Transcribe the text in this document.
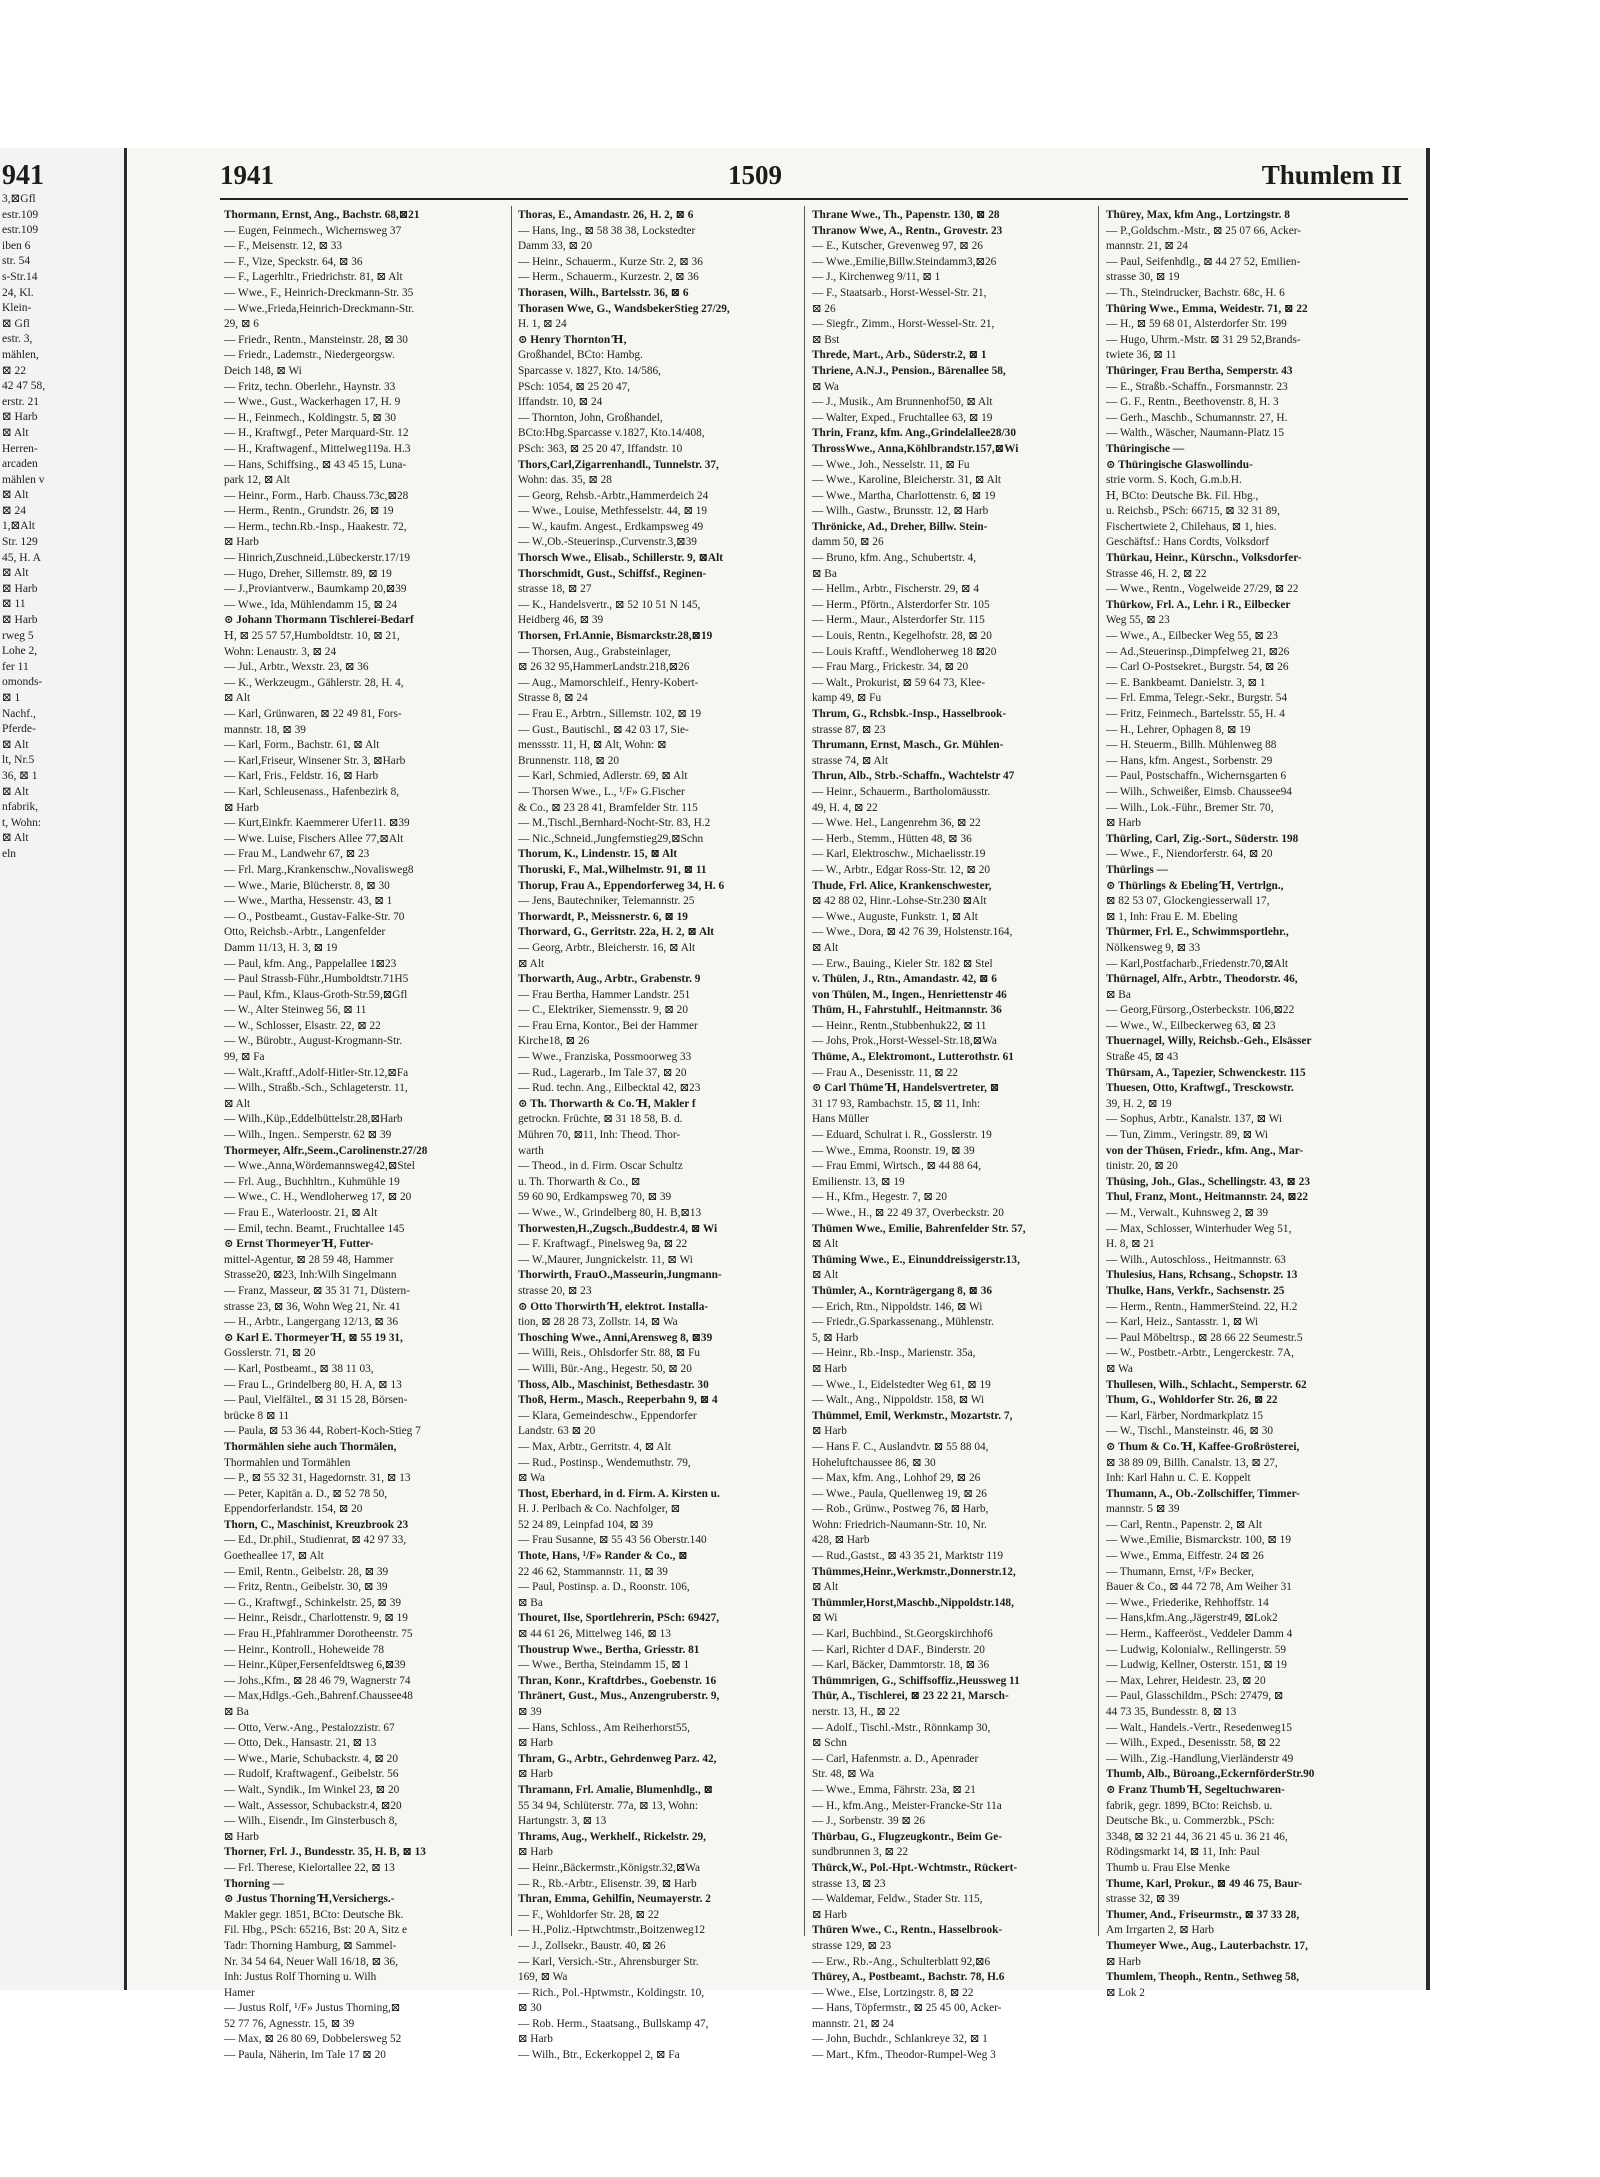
941
3,⊠Gfl
estr.109
estr.109
iben 6
str. 54
s-Str.14
24, Kl.
Klein-
⊠ Gfl
estr. 3,
mählen,
⊠ 22
42 47 58,
erstr. 21
⊠ Harb
⊠ Alt
Herren-
arcaden
mählen v
⊠ Alt
⊠ 24
1,⊠Alt
Str. 129
45, H. A
⊠ Alt
⊠ Harb
⊠ 11
⊠ Harb
rweg 5
Lohe 2,
fer 11
omonds-
⊠ 1
Nachf.,
Pferde-
⊠ Alt
lt, Nr.5
36, ⊠ 1
⊠ Alt
nfabrik,
t, Wohn:
⊠ Alt
eln
1941	1509	Thumlem II
Thormann, Ernst, Ang., Bachstr. 68,⊠21
— Eugen, Feinmech., Wichernsweg 37
— F., Meisenstr. 12, ⊠ 33
— F., Vize, Speckstr. 64, ⊠ 36
— F., Lagerhltr., Friedrichstr. 81, ⊠ Alt
— Wwe., F., Heinrich-Dreckmann-Str. 35
— Wwe.,Frieda,Heinrich-Dreckmann-Str.
29, ⊠ 6
— Friedr., Rentn., Mansteinstr. 28, ⊠ 30
— Friedr., Lademstr., Niedergeorgsw.
Deich 148, ⊠ Wi
— Fritz, techn. Oberlehr., Haynstr. 33
— Wwe., Gust., Wackerhagen 17, H. 9
— H., Feinmech., Koldingstr. 5, ⊠ 30
— H., Kraftwgf., Peter Marquard-Str. 12
— H., Kraftwagenf., Mittelweg119a. H.3
— Hans, Schiffsing., ⊠ 43 45 15, Luna-
park 12, ⊠ Alt
— Heinr., Form., Harb. Chauss.73c,⊠28
— Herm., Rentn., Grundstr. 26, ⊠ 19
— Herm., techn.Rb.-Insp., Haakestr. 72,
⊠ Harb
— Hinrich,Zuschneid.,Lübeckerstr.17/19
— Hugo, Dreher, Sillemstr. 89, ⊠ 19
— J.,Proviantverw., Baumkamp 20,⊠39
— Wwe., Ida, Mühlendamm 15, ⊠ 24
⊙ Johann Thormann Tischlerei-Bedarf
Ɦ, ⊠ 25 57 57,Humboldtstr. 10, ⊠ 21,
Wohn: Lenaustr. 3, ⊠ 24
— Jul., Arbtr., Wexstr. 23, ⊠ 36
— K., Werkzeugm., Gählerstr. 28, H. 4,
⊠ Alt
— Karl, Grünwaren, ⊠ 22 49 81, Fors-
mannstr. 18, ⊠ 39
— Karl, Form., Bachstr. 61, ⊠ Alt
— Karl,Friseur, Winsener Str. 3, ⊠Harb
— Karl, Fris., Feldstr. 16, ⊠ Harb
— Karl, Schleusenass., Hafenbezirk 8,
⊠ Harb
— Kurt,Einkfr. Kaemmerer Ufer11. ⊠39
— Wwe. Luise, Fischers Allee 77,⊠Alt
— Frau M., Landwehr 67, ⊠ 23
— Frl. Marg.,Krankenschw.,Novalisweg8
— Wwe., Marie, Blücherstr. 8, ⊠ 30
— Wwe., Martha, Hessenstr. 43, ⊠ 1
— O., Postbeamt., Gustav-Falke-Str. 70
Otto, Reichsb.-Arbtr., Langenfelder
Damm 11/13, H. 3, ⊠ 19
— Paul, kfm. Ang., Pappelallee 1⊠23
— Paul Strassb-Führ.,Humboldtstr.71H5
— Paul, Kfm., Klaus-Groth-Str.59,⊠Gfl
— W., Alter Steinweg 56, ⊠ 11
— W., Schlosser, Elsastr. 22, ⊠ 22
— W., Bürobtr., August-Krogmann-Str.
99, ⊠ Fa
— Walt.,Kraftf.,Adolf-Hitler-Str.12,⊠Fa
— Wilh., Straßb.-Sch., Schlageterstr. 11,
⊠ Alt
— Wilh.,Küp.,Eddelbüttelstr.28,⊠Harb
— Wilh., Ingen.. Semperstr. 62 ⊠ 39
Thormeyer, Alfr.,Seem.,Carolinenstr.27/28
— Wwe.,Anna,Wördemannsweg42,⊠Stel
— Frl. Aug., Buchhltrn., Kuhmühle 19
— Wwe., C. H., Wendloherweg 17, ⊠ 20
— Frau E., Waterloostr. 21, ⊠ Alt
— Emil, techn. Beamt., Fruchtallee 145
⊙ Ernst Thormeyer Ɦ, Futter-
mittel-Agentur, ⊠ 28 59 48, Hammer
Strasse20, ⊠23, Inh:Wilh Singelmann
— Franz, Masseur, ⊠ 35 31 71, Düstern-
strasse 23, ⊠ 36, Wohn Weg 21, Nr. 41
— H., Arbtr., Langergang 12/13, ⊠ 36
⊙ Karl E. Thormeyer Ɦ, ⊠ 55 19 31,
Gosslerstr. 71, ⊠ 20
— Karl, Postbeamt., ⊠ 38 11 03,
— Frau L., Grindelberg 80, H. A, ⊠ 13
— Paul, Vielfältel., ⊠ 31 15 28, Börsen-
brücke 8 ⊠ 11
— Paula, ⊠ 53 36 44, Robert-Koch-Stieg 7
Thormählen siehe auch Thormälen,
Thormahlen und Tormählen
— P., ⊠ 55 32 31, Hagedornstr. 31, ⊠ 13
— Peter, Kapitän a. D., ⊠ 52 78 50,
Eppendorferlandstr. 154, ⊠ 20
Thorn, C., Maschinist, Kreuzbrook 23
— Ed., Dr.phil., Studienrat, ⊠ 42 97 33,
Goetheallee 17, ⊠ Alt
— Emil, Rentn., Geibelstr. 28, ⊠ 39
— Fritz, Rentn., Geibelstr. 30, ⊠ 39
— G., Kraftwgf., Schinkelstr. 25, ⊠ 39
— Heinr., Reisdr., Charlottenstr. 9, ⊠ 19
— Frau H.,Pfahlrammer Dorotheenstr. 75
— Heinr., Kontroll., Hoheweide 78
— Heinr.,Küper,Fersenfeldtsweg 6,⊠39
— Johs.,Kfm., ⊠ 28 46 79, Wagnerstr 74
— Max,Hdlgs.-Geh.,Bahrenf.Chaussee48
⊠ Ba
— Otto, Verw.-Ang., Pestalozzistr. 67
— Otto, Dek., Hansastr. 21, ⊠ 13
— Wwe., Marie, Schubackstr. 4, ⊠ 20
— Rudolf, Kraftwagenf., Geibelstr. 56
— Walt., Syndik., Im Winkel 23, ⊠ 20
— Walt., Assessor, Schubackstr.4, ⊠20
— Wilh., Eisendr., Im Ginsterbusch 8,
⊠ Harb
Thorner, Frl. J., Bundesstr. 35, H. B, ⊠ 13
— Frl. Therese, Kielortallee 22, ⊠ 13
Thorning —
⊙ Justus Thorning Ɦ,Versichergs.-
Makler gegr. 1851, BCto: Deutsche Bk.
Fil. Hbg., PSch: 65216, Bst: 20 A, Sitz e
Tadr: Thorning Hamburg, ⊠ Sammel-
Nr. 34 54 64, Neuer Wall 16/18, ⊠ 36,
Inh: Justus Rolf Thorning u. Wilh
Hamer
— Justus Rolf, ¹/F» Justus Thorning,⊠
52 77 76, Agnesstr. 15, ⊠ 39
— Max, ⊠ 26 80 69, Dobbelersweg 52
— Paula, Näherin, Im Tale 17 ⊠ 20
Thoras, E., Amandastr. 26, H. 2, ⊠ 6
— Hans, Ing., ⊠ 58 38 38, Lockstedter
Damm 33, ⊠ 20
— Heinr., Schauerm., Kurze Str. 2, ⊠ 36
— Herm., Schauerm., Kurzestr. 2, ⊠ 36
Thorasen, Wilh., Bartelsstr. 36, ⊠ 6
Thorasen Wwe, G., WandsbekerStieg 27/29,
H. 1, ⊠ 24
⊙ Henry Thornton Ɦ,
Großhandel, BCto: Hambg.
Sparcasse v. 1827, Kto. 14/586,
PSch: 1054, ⊠ 25 20 47,
Iffandstr. 10, ⊠ 24
— Thornton, John, Großhandel,
BCto:Hbg.Sparcasse v.1827, Kto.14/408,
PSch: 363, ⊠ 25 20 47, Iffandstr. 10
Thors,Carl,Zigarrenhandl., Tunnelstr. 37,
Wohn: das. 35, ⊠ 28
— Georg, Rehsb.-Arbtr.,Hammerdeich 24
— Wwe., Louise, Methfesselstr. 44, ⊠ 19
— W., kaufm. Angest., Erdkampsweg 49
— W.,Ob.-Steuerinsp.,Curvenstr.3,⊠39
Thorsch Wwe., Elisab., Schillerstr. 9, ⊠Alt
Thorschmidt, Gust., Schiffsf., Reginen-
strasse 18, ⊠ 27
— K., Handelsvertr., ⊠ 52 10 51 N 145,
Heidberg 46, ⊠ 39
Thorsen, Frl.Annie, Bismarckstr.28,⊠19
— Thorsen, Aug., Grabsteinlager,
⊠ 26 32 95,HammerLandstr.218,⊠26
— Aug., Mamorschleif., Henry-Kobert-
Strasse 8, ⊠ 24
— Frau E., Arbtrn., Sillemstr. 102, ⊠ 19
— Gust., Bautischl., ⊠ 42 03 17, Sie-
menssstr. 11, H, ⊠ Alt, Wohn: ⊠
Brunnenstr. 118, ⊠ 20
— Karl, Schmied, Adlerstr. 69, ⊠ Alt
— Thorsen Wwe., L., ¹/F» G.Fischer
& Co., ⊠ 23 28 41, Bramfelder Str. 115
— M.,Tischl.,Bernhard-Nocht-Str. 83, H.2
— Nic.,Schneid.,Jungfernstieg29,⊠Schn
Thorum, K., Lindenstr. 15, ⊠ Alt
Thoruski, F., Mal.,Wilhelmstr. 91, ⊠ 11
Thorup, Frau A., Eppendorferweg 34, H. 6
— Jens, Bautechniker, Telemannstr. 25
Thorwardt, P., Meissnerstr. 6, ⊠ 19
Thorward, G., Gerritstr. 22a, H. 2, ⊠ Alt
— Georg, Arbtr., Bleicherstr. 16, ⊠ Alt
⊠ Alt
Thorwarth, Aug., Arbtr., Grabenstr. 9
— Frau Bertha, Hammer Landstr. 251
— C., Elektriker, Siemensstr. 9, ⊠ 20
— Frau Erna, Kontor., Bei der Hammer
Kirche18, ⊠ 26
— Wwe., Franziska, Possmoorweg 33
— Rud., Lagerarb., Im Tale 37, ⊠ 20
— Rud. techn. Ang., Eilbecktal 42, ⊠23
⊙ Th. Thorwarth & Co. Ɦ, Makler f
getrockn. Früchte, ⊠ 31 18 58, B. d.
Mühren 70, ⊠11, Inh: Theod. Thor-
warth
— Theod., in d. Firm. Oscar Schultz
u. Th. Thorwarth & Co., ⊠
59 60 90, Erdkampsweg 70, ⊠ 39
— Wwe., W., Grindelberg 80, H. B,⊠13
Thorwesten,H.,Zugsch.,Buddestr.4, ⊠ Wi
— F. Kraftwagf., Pinelsweg 9a, ⊠ 22
— W.,Maurer, Jungnickelstr. 11, ⊠ Wi
Thorwirth, FrauO.,Masseurin,Jungmann-
strasse 20, ⊠ 23
⊙ Otto Thorwirth Ɦ, elektrot. Installa-
tion, ⊠ 28 28 73, Zollstr. 14, ⊠ Wa
Thosching Wwe., Anni,Arensweg 8, ⊠39
— Willi, Reis., Ohlsdorfer Str. 88, ⊠ Fu
— Willi, Bür.-Ang., Hegestr. 50, ⊠ 20
Thoss, Alb., Maschinist, Bethesdastr. 30
Thoß, Herm., Masch., Reeperbahn 9, ⊠ 4
— Klara, Gemeindeschw., Eppendorfer
Landstr. 63 ⊠ 20
— Max, Arbtr., Gerritstr. 4, ⊠ Alt
— Rud., Postinsp., Wendemuthstr. 79,
⊠ Wa
Thost, Eberhard, in d. Firm. A. Kirsten u.
H. J. Perlbach & Co. Nachfolger, ⊠
52 24 89, Leinpfad 104, ⊠ 39
— Frau Susanne, ⊠ 55 43 56 Oberstr.140
Thote, Hans, ¹/F» Rander & Co., ⊠
22 46 62, Stammannstr. 11, ⊠ 39
— Paul, Postinsp. a. D., Roonstr. 106,
⊠ Ba
Thouret, Ilse, Sportlehrerin, PSch: 69427,
⊠ 44 61 26, Mittelweg 146, ⊠ 13
Thoustrup Wwe., Bertha, Griesstr. 81
— Wwe., Bertha, Steindamm 15, ⊠ 1
Thran, Konr., Kraftdrbes., Goebenstr. 16
Thränert, Gust., Mus., Anzengruberstr. 9,
⊠ 39
— Hans, Schloss., Am Reiherhorst55,
⊠ Harb
Thram, G., Arbtr., Gehrdenweg Parz. 42,
⊠ Harb
Thramann, Frl. Amalie, Blumenhdlg., ⊠
55 34 94, Schlüterstr. 77a, ⊠ 13, Wohn:
Hartungstr. 3, ⊠ 13
Thrams, Aug., Werkhelf., Rickelstr. 29,
⊠ Harb
— Heinr.,Bäckermstr.,Königstr.32,⊠Wa
— R., Rb.-Arbtr., Elisenstr. 39, ⊠ Harb
Thran, Emma, Gehilfin, Neumayerstr. 2
— F., Wohldorfer Str. 28, ⊠ 22
— H.,Poliz.-Hptwchtmstr.,Boitzenweg12
— J., Zollsekr., Baustr. 40, ⊠ 26
— Karl, Versich.-Str., Ahrensburger Str.
169, ⊠ Wa
— Rich., Pol.-Hptwmstr., Koldingstr. 10,
⊠ 30
— Rob. Herm., Staatsang., Bullskamp 47,
⊠ Harb
— Wilh., Btr., Eckerkoppel 2, ⊠ Fa
Thrane Wwe., Th., Papenstr. 130, ⊠ 28
Thranow Wwe, A., Rentn., Grovestr. 23
— E., Kutscher, Grevenweg 97, ⊠ 26
— Wwe.,Emilie,Billw.Steindamm3,⊠26
— J., Kirchenweg 9/11, ⊠ 1
— F., Staatsarb., Horst-Wessel-Str. 21,
⊠ 26
— Siegfr., Zimm., Horst-Wessel-Str. 21,
⊠ Bst
Threde, Mart., Arb., Süderstr.2, ⊠ 1
Thriene, A.N.J., Pension., Bärenallee 58,
⊠ Wa
— J., Musik., Am Brunnenhof50, ⊠ Alt
— Walter, Exped., Fruchtallee 63, ⊠ 19
Thrin, Franz, kfm. Ang.,Grindelallee28/30
ThrossWwe., Anna,Köhlbrandstr.157,⊠Wi
— Wwe., Joh., Nesselstr. 11, ⊠ Fu
— Wwe., Karoline, Bleicherstr. 31, ⊠ Alt
— Wwe., Martha, Charlottenstr. 6, ⊠ 19
— Wilh., Gastw., Brunsstr. 12, ⊠ Harb
Thrönicke, Ad., Dreher, Billw. Stein-
damm 50, ⊠ 26
— Bruno, kfm. Ang., Schubertstr. 4,
⊠ Ba
— Hellm., Arbtr., Fischerstr. 29, ⊠ 4
— Herm., Pförtn., Alsterdorfer Str. 105
— Herm., Maur., Alsterdorfer Str. 115
— Louis, Rentn., Kegelhofstr. 28, ⊠ 20
— Louis Kraftf., Wendloherweg 18 ⊠20
— Frau Marg., Frickestr. 34, ⊠ 20
— Walt., Prokurist, ⊠ 59 64 73, Klee-
kamp 49, ⊠ Fu
Thrum, G., Rchsbk.-Insp., Hasselbrook-
strasse 87, ⊠ 23
Thrumann, Ernst, Masch., Gr. Mühlen-
strasse 74, ⊠ Alt
Thrun, Alb., Strb.-Schaffn., Wachtelstr 47
— Heinr., Schauerm., Bartholomäusstr.
49, H. 4, ⊠ 22
— Wwe. Hel., Langenrehm 36, ⊠ 22
— Herb., Stemm., Hütten 48, ⊠ 36
— Karl, Elektroschw., Michaelisstr.19
— W., Arbtr., Edgar Ross-Str. 12, ⊠ 20
Thude, Frl. Alice, Krankenschwester,
⊠ 42 88 02, Hinr.-Lohse-Str.230 ⊠Alt
— Wwe., Auguste, Funkstr. 1, ⊠ Alt
— Wwe., Dora, ⊠ 42 76 39, Holstenstr.164,
⊠ Alt
— Erw., Bauing., Kieler Str. 182 ⊠ Stel
v. Thülen, J., Rtn., Amandastr. 42, ⊠ 6
von Thülen, M., Ingen., Henriettenstr 46
Thüm, H., Fahrstuhlf., Heitmannstr. 36
— Heinr., Rentn.,Stubbenhuk22, ⊠ 11
— Johs, Prok.,Horst-Wessel-Str.18,⊠Wa
Thüme, A., Elektromont., Lutterothstr. 61
— Frau A., Desenisstr. 11, ⊠ 22
⊙ Carl Thüme Ɦ, Handelsvertreter, ⊠
31 17 93, Rambachstr. 15, ⊠ 11, Inh:
Hans Müller
— Eduard, Schulrat i. R., Gosslerstr. 19
— Wwe., Emma, Roonstr. 19, ⊠ 39
— Frau Emmi, Wirtsch., ⊠ 44 88 64,
Emilienstr. 13, ⊠ 19
— H., Kfm., Hegestr. 7, ⊠ 20
— Wwe., H., ⊠ 22 49 37, Overbeckstr. 20
Thümen Wwe., Emilie, Bahrenfelder Str. 57,
⊠ Alt
Thüming Wwe., E., Einunddreissigerstr.13,
⊠ Alt
Thümler, A., Kornträgergang 8, ⊠ 36
— Erich, Rtn., Nippoldstr. 146, ⊠ Wi
— Friedr.,G.Sparkassenang., Mühlenstr.
5, ⊠ Harb
— Heinr., Rb.-Insp., Marienstr. 35a,
⊠ Harb
— Wwe., I., Eidelstedter Weg 61, ⊠ 19
— Walt., Ang., Nippoldstr. 158, ⊠ Wi
Thümmel, Emil, Werkmstr., Mozartstr. 7,
⊠ Harb
— Hans F. C., Auslandvtr. ⊠ 55 88 04,
Hoheluftchaussee 86, ⊠ 30
— Max, kfm. Ang., Lohhof 29, ⊠ 26
— Wwe., Paula, Quellenweg 19, ⊠ 26
— Rob., Grünw., Postweg 76, ⊠ Harb,
Wohn: Friedrich-Naumann-Str. 10, Nr.
428, ⊠ Harb
— Rud.,Gastst., ⊠ 43 35 21, Marktstr 119
Thümmes,Heinr.,Werkmstr.,Donnerstr.12,
⊠ Alt
Thümmler,Horst,Maschb.,Nippoldstr.148,
⊠ Wi
— Karl, Buchbind., St.Georgskirchhof6
— Karl, Richter d DAF., Binderstr. 20
— Karl, Bäcker, Dammtorstr. 18, ⊠ 36
Thümmrigen, G., Schiffsoffiz.,Heussweg 11
Thür, A., Tischlerei, ⊠ 23 22 21, Marsch-
nerstr. 13, H., ⊠ 22
— Adolf., Tischl.-Mstr., Rönnkamp 30,
⊠ Schn
— Carl, Hafenmstr. a. D., Apenrader
Str. 48, ⊠ Wa
— Wwe., Emma, Fährstr. 23a, ⊠ 21
— H., kfm.Ang., Meister-Francke-Str 11a
— J., Sorbenstr. 39 ⊠ 26
Thürbau, G., Flugzeugkontr., Beim Ge-
sundbrunnen 3, ⊠ 22
Thürck,W., Pol.-Hpt.-Wchtmstr., Rückert-
strasse 13, ⊠ 23
— Waldemar, Feldw., Stader Str. 115,
⊠ Harb
Thüren Wwe., C., Rentn., Hasselbrook-
strasse 129, ⊠ 23
— Erw., Rb.-Ang., Schulterblatt 92,⊠6
Thürey, A., Postbeamt., Bachstr. 78, H.6
— Wwe., Else, Lortzingstr. 8, ⊠ 22
— Hans, Töpfermstr., ⊠ 25 45 00, Acker-
mannstr. 21, ⊠ 24
— John, Buchdr., Schlankreye 32, ⊠ 1
— Mart., Kfm., Theodor-Rumpel-Weg 3
Thürey, Max, kfm Ang., Lortzingstr. 8
— P.,Goldschm.-Mstr., ⊠ 25 07 66, Acker-
mannstr. 21, ⊠ 24
— Paul, Seifenhdlg., ⊠ 44 27 52, Emilien-
strasse 30, ⊠ 19
— Th., Steindrucker, Bachstr. 68c, H. 6
Thüring Wwe., Emma, Weidestr. 71, ⊠ 22
— H., ⊠ 59 68 01, Alsterdorfer Str. 199
— Hugo, Uhrm.-Mstr. ⊠ 31 29 52,Brands-
twiete 36, ⊠ 11
Thüringer, Frau Bertha, Semperstr. 43
— E., Straßb.-Schaffn., Forsmannstr. 23
— G. F., Rentn., Beethovenstr. 8, H. 3
— Gerh., Maschb., Schumannstr. 27, H.
— Walth., Wäscher, Naumann-Platz 15
Thüringische —
⊙ Thüringische Glaswollindu-
strie vorm. S. Koch, G.m.b.H.
Ɦ, BCto: Deutsche Bk. Fil. Hbg.,
u. Reichsb., PSch: 66715, ⊠ 32 31 89,
Fischertwiete 2, Chilehaus, ⊠ 1, hies.
Geschäftsf.: Hans Cordts, Volksdorf
Thürkau, Heinr., Kürschn., Volksdorfer-
Strasse 46, H. 2, ⊠ 22
— Wwe., Rentn., Vogelweide 27/29, ⊠ 22
Thürkow, Frl. A., Lehr. i R., Eilbecker
Weg 55, ⊠ 23
— Wwe., A., Eilbecker Weg 55, ⊠ 23
— Ad.,Steuerinsp.,Dimpfelweg 21, ⊠26
— Carl O-Postsekret., Burgstr. 54, ⊠ 26
— E. Bankbeamt. Danielstr. 3, ⊠ 1
— Frl. Emma, Telegr.-Sekr., Burgstr. 54
— Fritz, Feinmech., Bartelsstr. 55, H. 4
— H., Lehrer, Ophagen 8, ⊠ 19
— H. Steuerm., Billh. Mühlenweg 88
— Hans, kfm. Angest., Sorbenstr. 29
— Paul, Postschaffn., Wichernsgarten 6
— Wilh., Schweißer, Eimsb. Chaussee94
— Wilh., Lok.-Führ., Bremer Str. 70,
⊠ Harb
Thürling, Carl, Zig.-Sort., Süderstr. 198
— Wwe., F., Niendorferstr. 64, ⊠ 20
Thürlings —
⊙ Thürlings & Ebeling Ɦ, Vertrlgn.,
⊠ 82 53 07, Glockengiesserwall 17,
⊠ 1, Inh: Frau E. M. Ebeling
Thürmer, Frl. E., Schwimmsportlehr.,
Nölkensweg 9, ⊠ 33
— Karl,Postfacharb.,Friedenstr.70,⊠Alt
Thürnagel, Alfr., Arbtr., Theodorstr. 46,
⊠ Ba
— Georg,Fürsorg.,Osterbeckstr. 106,⊠22
— Wwe., W., Eilbeckerweg 63, ⊠ 23
Thuernagel, Willy, Reichsb.-Geh., Elsässer
Straße 45, ⊠ 43
Thürsam, A., Tapezier, Schwenckestr. 115
Thuesen, Otto, Kraftwgf., Tresckowstr.
39, H. 2, ⊠ 19
— Sophus, Arbtr., Kanalstr. 137, ⊠ Wi
— Tun, Zimm., Veringstr. 89, ⊠ Wi
von der Thüsen, Friedr., kfm. Ang., Mar-
tinistr. 20, ⊠ 20
Thüsing, Joh., Glas., Schellingstr. 43, ⊠ 23
Thul, Franz, Mont., Heitmannstr. 24, ⊠22
— M., Verwalt., Kuhnsweg 2, ⊠ 39
— Max, Schlosser, Winterhuder Weg 51,
H. 8, ⊠ 21
— Wilh., Autoschloss., Heitmannstr. 63
Thulesius, Hans, Rchsang., Schopstr. 13
Thulke, Hans, Verkfr., Sachsenstr. 25
— Herm., Rentn., HammerSteind. 22, H.2
— Karl, Heiz., Santasstr. 1, ⊠ Wi
— Paul Möbeltrsp., ⊠ 28 66 22 Seumestr.5
— W., Postbetr.-Arbtr., Lengerckestr. 7A,
⊠ Wa
Thullesen, Wilh., Schlacht., Semperstr. 62
Thum, G., Wohldorfer Str. 26, ⊠ 22
— Karl, Färber, Nordmarkplatz 15
— W., Tischl., Mansteinstr. 46, ⊠ 30
⊙ Thum & Co. Ɦ, Kaffee-Großrösterei,
⊠ 38 89 09, Billh. Canalstr. 13, ⊠ 27,
Inh: Karl Hahn u. C. E. Koppelt
Thumann, A., Ob.-Zollschiffer, Timmer-
mannstr. 5 ⊠ 39
— Carl, Rentn., Papenstr. 2, ⊠ Alt
— Wwe.,Emilie, Bismarckstr. 100, ⊠ 19
— Wwe., Emma, Eiffestr. 24 ⊠ 26
— Thumann, Ernst, ¹/F» Becker,
Bauer & Co., ⊠ 44 72 78, Am Weiher 31
— Wwe., Friederike, Rehhoffstr. 14
— Hans,kfm.Ang.,Jägerstr49, ⊠Lok2
— Herm., Kaffeeröst., Veddeler Damm 4
— Ludwig, Kolonialw., Rellingerstr. 59
— Ludwig, Kellner, Osterstr. 151, ⊠ 19
— Max, Lehrer, Heidestr. 23, ⊠ 20
— Paul, Glasschildm., PSch: 27479, ⊠
44 73 35, Bundesstr. 8, ⊠ 13
— Walt., Handels.-Vertr., Resedenweg15
— Wilh., Exped., Desenisstr. 58, ⊠ 22
— Wilh., Zig.-Handlung,Vierländerstr 49
Thumb, Alb., Büroang.,EckernförderStr.90
⊙ Franz Thumb Ɦ, Segeltuchwaren-
fabrik, gegr. 1899, BCto: Reichsb. u.
Deutsche Bk., u. Commerzbk., PSch:
3348, ⊠ 32 21 44, 36 21 45 u. 36 21 46,
Rödingsmarkt 14, ⊠ 11, Inh: Paul
Thumb u. Frau Else Menke
Thume, Karl, Prokur., ⊠ 49 46 75, Baur-
strasse 32, ⊠ 39
Thumer, And., Friseurmstr., ⊠ 37 33 28,
Am Irrgarten 2, ⊠ Harb
Thumeyer Wwe., Aug., Lauterbachstr. 17,
⊠ Harb
Thumlem, Theoph., Rentn., Sethweg 58,
⊠ Lok 2
